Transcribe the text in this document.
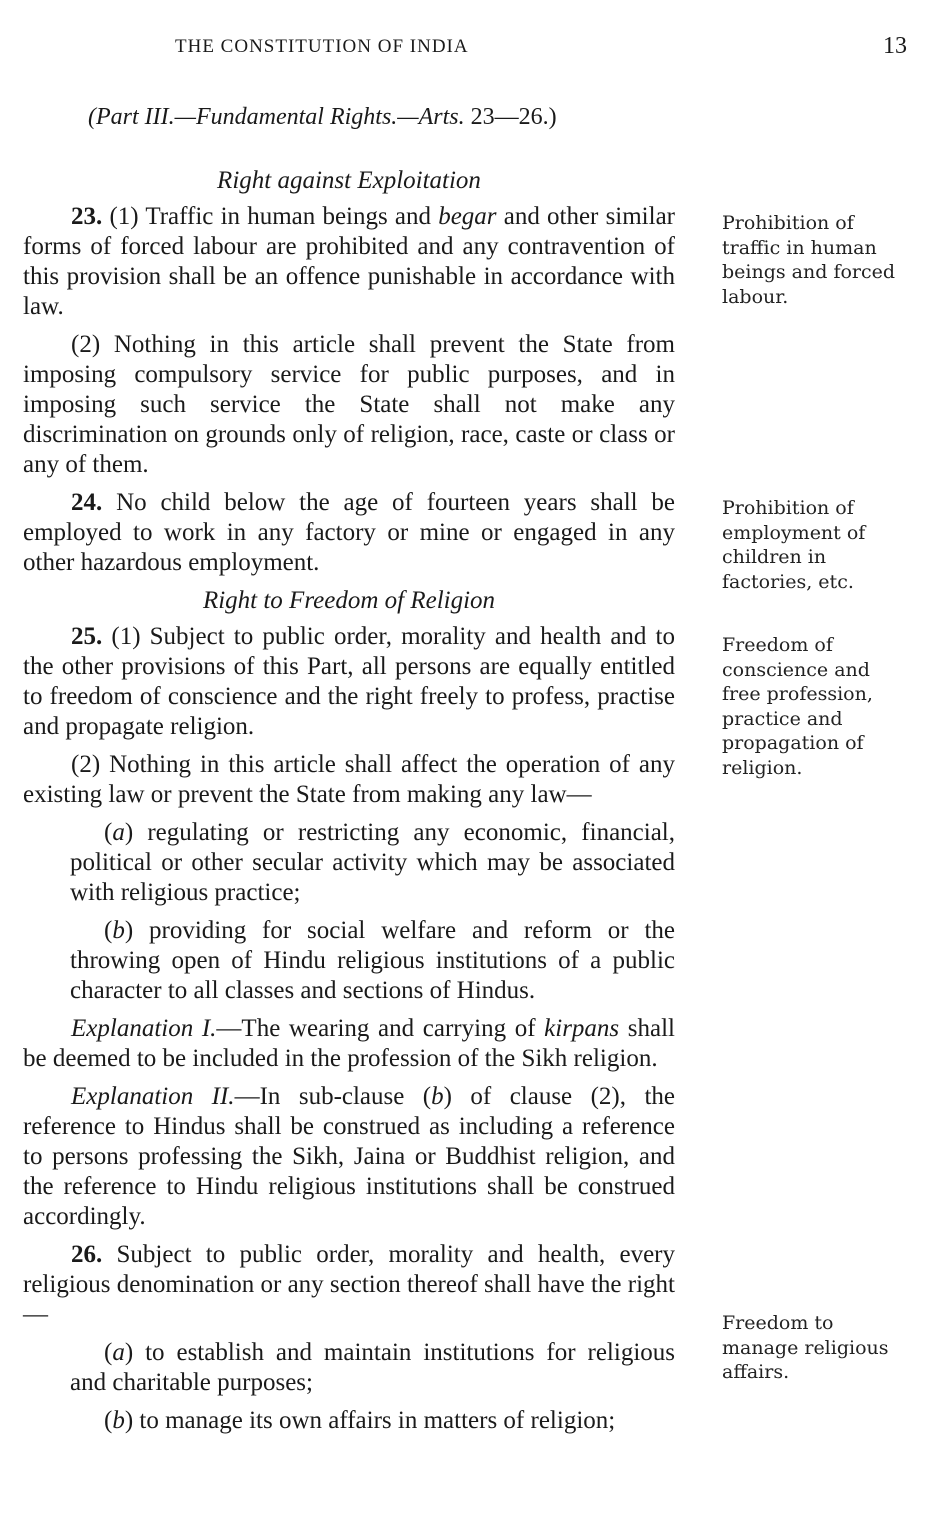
THE CONSTITUTION OF INDIA	13
(Part III.—Fundamental Rights.—Arts. 23—26.)
Right against Exploitation

23. (1) Traffic in human beings and begar and other similar forms of forced labour are prohibited and any contravention of this provision shall be an offence punishable in accordance with law.

(2) Nothing in this article shall prevent the State from imposing compulsory service for public purposes, and in imposing such service the State shall not make any discrimination on grounds only of religion, race, caste or class or any of them.

24. No child below the age of fourteen years shall be employed to work in any factory or mine or engaged in any other hazardous employment.

Right to Freedom of Religion

25. (1) Subject to public order, morality and health and to the other provisions of this Part, all persons are equally entitled to freedom of conscience and the right freely to profess, practise and propagate religion.

(2) Nothing in this article shall affect the operation of any existing law or prevent the State from making any law—

(a) regulating or restricting any economic, financial, political or other secular activity which may be associated with religious practice;

(b) providing for social welfare and reform or the throwing open of Hindu religious institutions of a public character to all classes and sections of Hindus.

Explanation I.—The wearing and carrying of kirpans shall be deemed to be included in the profession of the Sikh religion.

Explanation II.—In sub-clause (b) of clause (2), the reference to Hindus shall be construed as including a reference to persons professing the Sikh, Jaina or Buddhist religion, and the reference to Hindu religious institutions shall be construed accordingly.

26. Subject to public order, morality and health, every religious denomination or any section thereof shall have the right—

(a) to establish and maintain institutions for religious and charitable purposes;

(b) to manage its own affairs in matters of religion;

Prohibition of traffic in human beings and forced labour.
Prohibition of employment of children in factories, etc.
Freedom of conscience and free profession, practice and propagation of religion.
Freedom to manage religious affairs.
